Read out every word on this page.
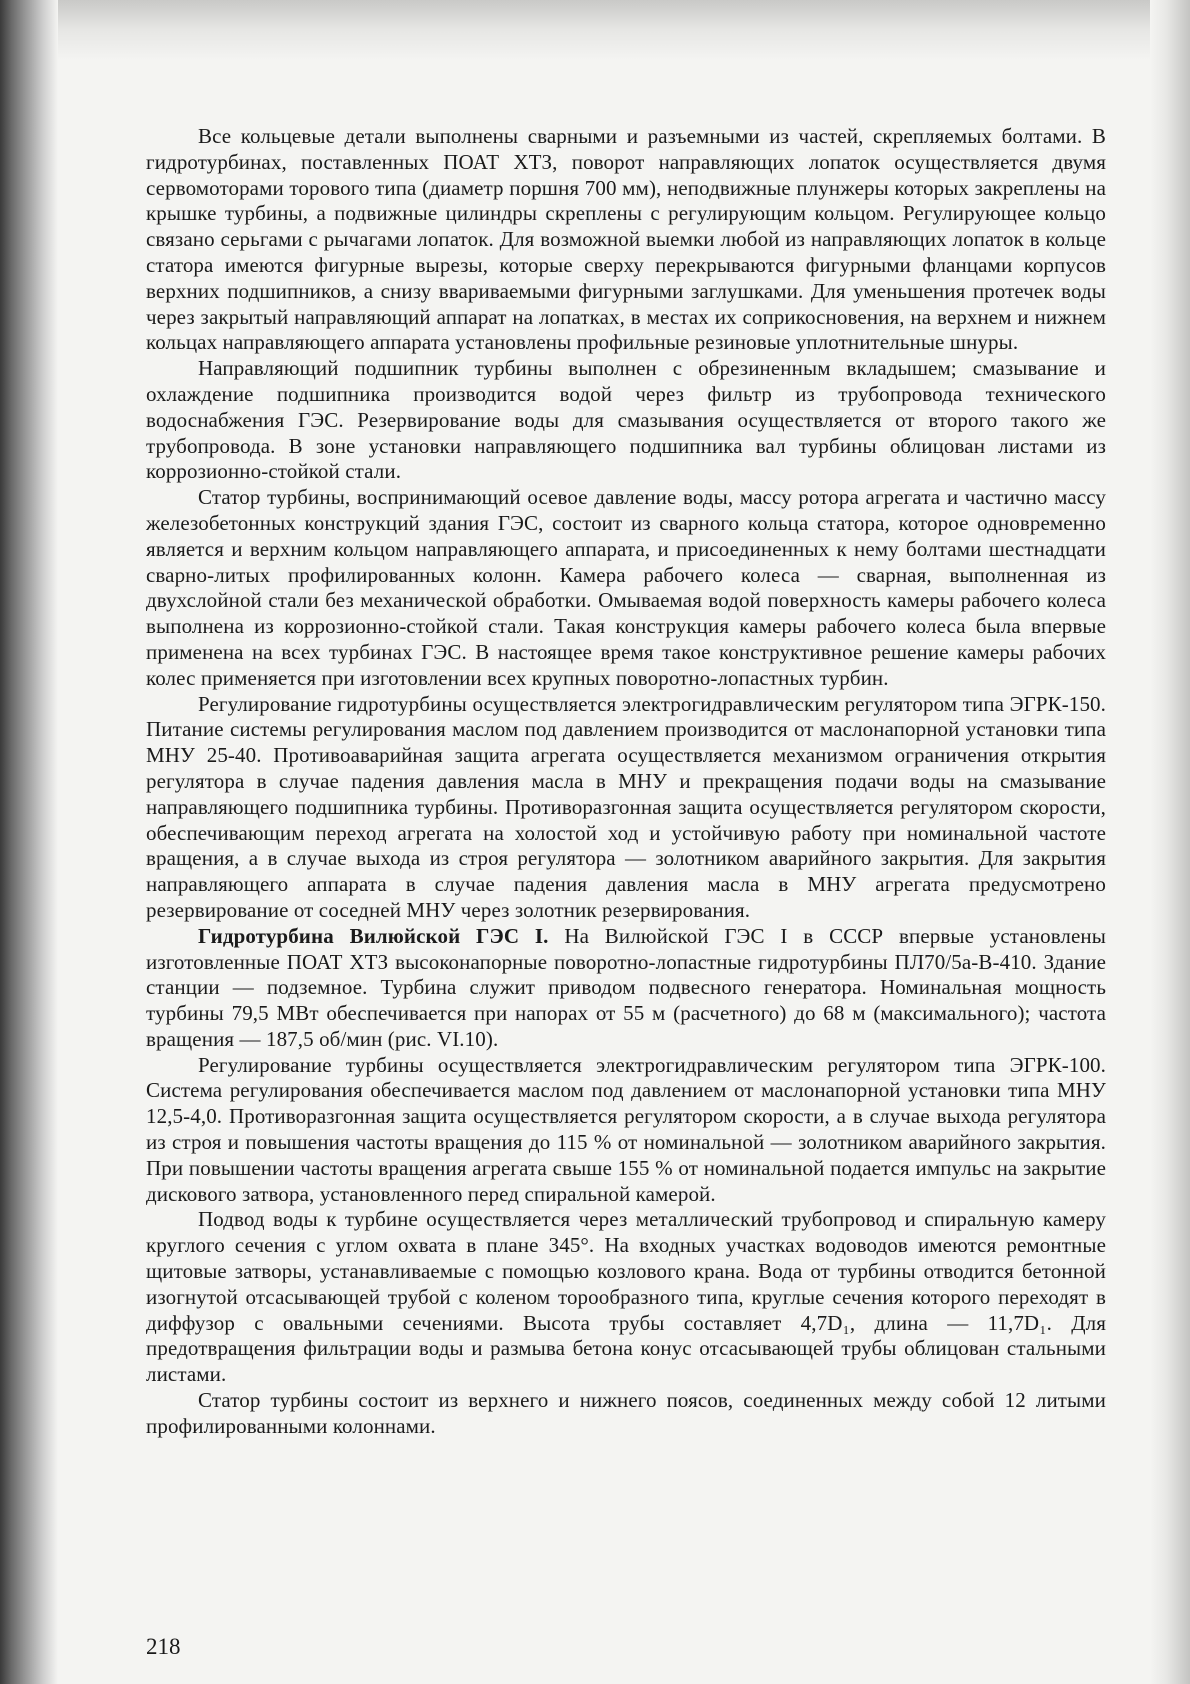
Все кольцевые детали выполнены сварными и разъемными из частей, скрепляемых болтами. В гидротурбинах, поставленных ПОАТ ХТЗ, поворот направляющих лопаток осуществляется двумя сервомоторами торового типа (диаметр поршня 700 мм), неподвижные плунжеры которых закреплены на крышке турбины, а подвижные цилиндры скреплены с регулирующим кольцом. Регулирующее кольцо связано серьгами с рычагами лопаток. Для возможной выемки любой из направляющих лопаток в кольце статора имеются фигурные вырезы, которые сверху перекрываются фигурными фланцами корпусов верхних подшипников, а снизу ввариваемыми фигурными заглушками. Для уменьшения протечек воды через закрытый направляющий аппарат на лопатках, в местах их соприкосновения, на верхнем и нижнем кольцах направляющего аппарата установлены профильные резиновые уплотнительные шнуры.

Направляющий подшипник турбины выполнен с обрезиненным вкладышем; смазывание и охлаждение подшипника производится водой через фильтр из трубопровода технического водоснабжения ГЭС. Резервирование воды для смазывания осуществляется от второго такого же трубопровода. В зоне установки направляющего подшипника вал турбины облицован листами из коррозионно-стойкой стали.

Статор турбины, воспринимающий осевое давление воды, массу ротора агрегата и частично массу железобетонных конструкций здания ГЭС, состоит из сварного кольца статора, которое одновременно является и верхним кольцом направляющего аппарата, и присоединенных к нему болтами шестнадцати сварно-литых профилированных колонн. Камера рабочего колеса — сварная, выполненная из двухслойной стали без механической обработки. Омываемая водой поверхность камеры рабочего колеса выполнена из коррозионно-стойкой стали. Такая конструкция камеры рабочего колеса была впервые применена на всех турбинах ГЭС. В настоящее время такое конструктивное решение камеры рабочих колес применяется при изготовлении всех крупных поворотно-лопастных турбин.

Регулирование гидротурбины осуществляется электрогидравлическим регулятором типа ЭГРК-150. Питание системы регулирования маслом под давлением производится от маслонапорной установки типа МНУ 25-40. Противоаварийная защита агрегата осуществляется механизмом ограничения открытия регулятора в случае падения давления масла в МНУ и прекращения подачи воды на смазывание направляющего подшипника турбины. Противоразгонная защита осуществляется регулятором скорости, обеспечивающим переход агрегата на холостой ход и устойчивую работу при номинальной частоте вращения, а в случае выхода из строя регулятора — золотником аварийного закрытия. Для закрытия направляющего аппарата в случае падения давления масла в МНУ агрегата предусмотрено резервирование от соседней МНУ через золотник резервирования.

Гидротурбина Вилюйской ГЭС I. На Вилюйской ГЭС I в СССР впервые установлены изготовленные ПОАТ ХТЗ высоконапорные поворотно-лопастные гидротурбины ПЛ70/5а-В-410. Здание станции — подземное. Турбина служит приводом подвесного генератора. Номинальная мощность турбины 79,5 МВт обеспечивается при напорах от 55 м (расчетного) до 68 м (максимального); частота вращения — 187,5 об/мин (рис. VI.10).

Регулирование турбины осуществляется электрогидравлическим регулятором типа ЭГРК-100. Система регулирования обеспечивается маслом под давлением от маслонапорной установки типа МНУ 12,5-4,0. Противоразгонная защита осуществляется регулятором скорости, а в случае выхода регулятора из строя и повышения частоты вращения до 115 % от номинальной — золотником аварийного закрытия. При повышении частоты вращения агрегата свыше 155 % от номинальной подается импульс на закрытие дискового затвора, установленного перед спиральной камерой.

Подвод воды к турбине осуществляется через металлический трубопровод и спиральную камеру круглого сечения с углом охвата в плане 345°. На входных участках водоводов имеются ремонтные щитовые затворы, устанавливаемые с помощью козлового крана. Вода от турбины отводится бетонной изогнутой отсасывающей трубой с коленом торообразного типа, круглые сечения которого переходят в диффузор с овальными сечениями. Высота трубы составляет 4,7D₁, длина — 11,7D₁. Для предотвращения фильтрации воды и размыва бетона конус отсасывающей трубы облицован стальными листами.

Статор турбины состоит из верхнего и нижнего поясов, соединенных между собой 12 литыми профилированными колоннами.

218
